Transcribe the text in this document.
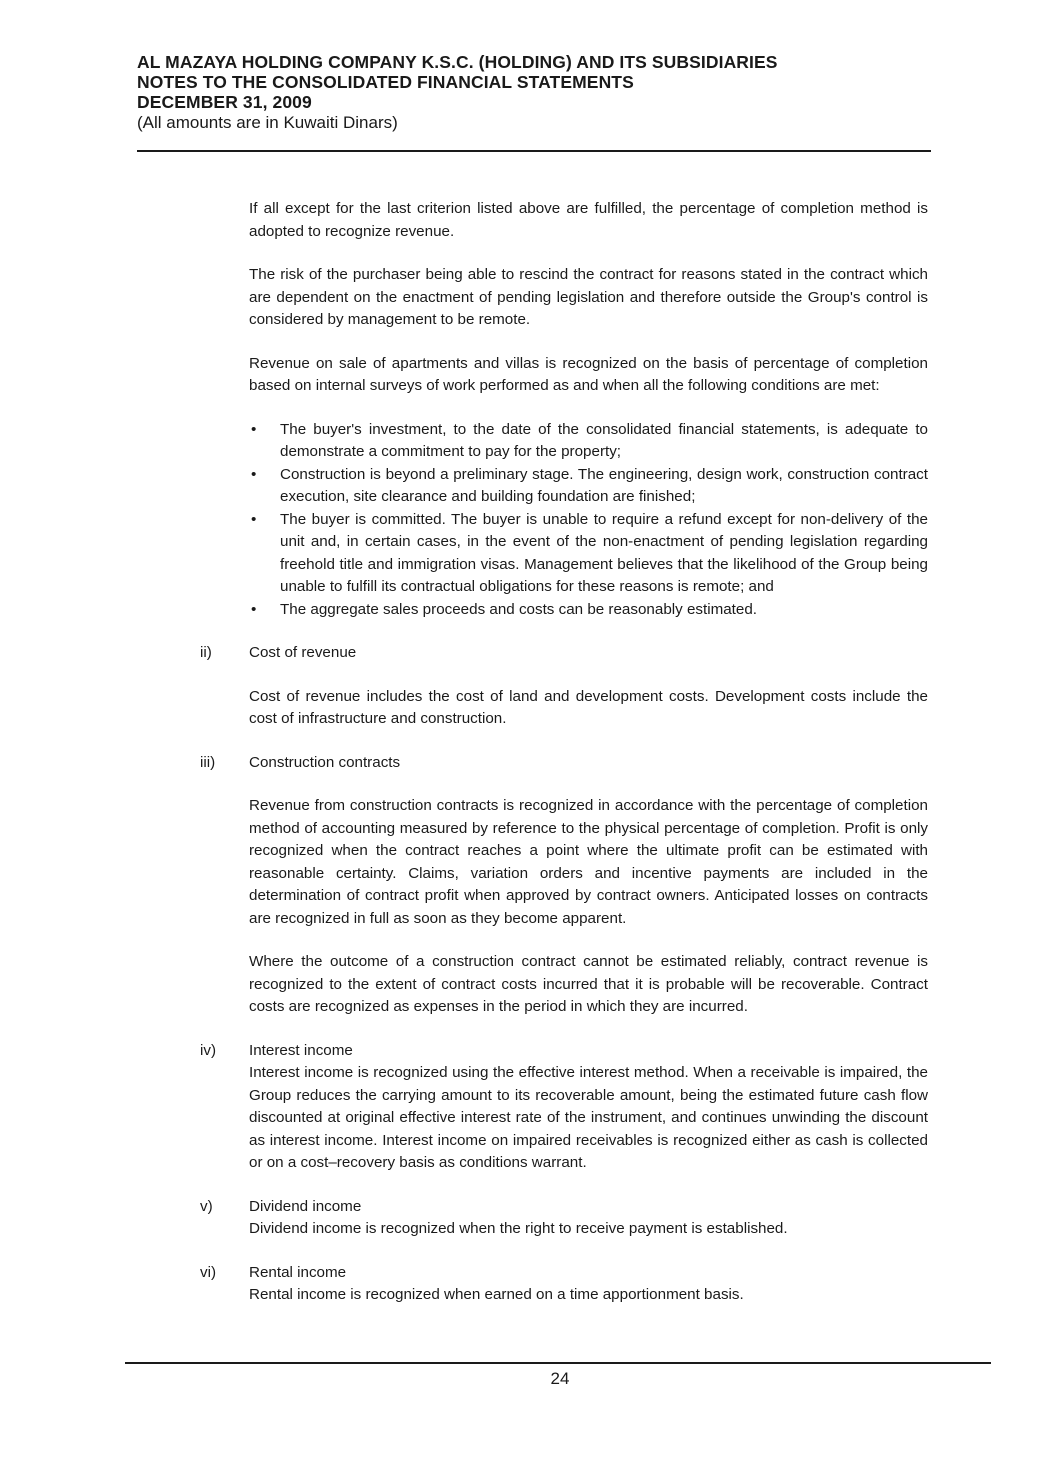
AL MAZAYA HOLDING COMPANY K.S.C. (HOLDING) AND ITS SUBSIDIARIES
NOTES TO THE CONSOLIDATED FINANCIAL STATEMENTS
DECEMBER 31, 2009
(All amounts are in Kuwaiti Dinars)

If all except for the last criterion listed above are fulfilled, the percentage of completion method is adopted to recognize revenue.

The risk of the purchaser being able to rescind the contract for reasons stated in the contract which are dependent on the enactment of pending legislation and therefore outside the Group's control is considered by management to be remote.

Revenue on sale of apartments and villas is recognized on the basis of percentage of completion based on internal surveys of work performed as and when all the following conditions are met:

• The buyer's investment, to the date of the consolidated financial statements, is adequate to demonstrate a commitment to pay for the property;
• Construction is beyond a preliminary stage. The engineering, design work, construction contract execution, site clearance and building foundation are finished;
• The buyer is committed. The buyer is unable to require a refund except for non-delivery of the unit and, in certain cases, in the event of the non-enactment of pending legislation regarding freehold title and immigration visas. Management believes that the likelihood of the Group being unable to fulfill its contractual obligations for these reasons is remote; and
• The aggregate sales proceeds and costs can be reasonably estimated.
ii)	Cost of revenue

Cost of revenue includes the cost of land and development costs. Development costs include the cost of infrastructure and construction.

iii)	Construction contracts

Revenue from construction contracts is recognized in accordance with the percentage of completion method of accounting measured by reference to the physical percentage of completion. Profit is only recognized when the contract reaches a point where the ultimate profit can be estimated with reasonable certainty. Claims, variation orders and incentive payments are included in the determination of contract profit when approved by contract owners. Anticipated losses on contracts are recognized in full as soon as they become apparent.

Where the outcome of a construction contract cannot be estimated reliably, contract revenue is recognized to the extent of contract costs incurred that it is probable will be recoverable. Contract costs are recognized as expenses in the period in which they are incurred.

iv)	Interest income

Interest income is recognized using the effective interest method. When a receivable is impaired, the Group reduces the carrying amount to its recoverable amount, being the estimated future cash flow discounted at original effective interest rate of the instrument, and continues unwinding the discount as interest income. Interest income on impaired receivables is recognized either as cash is collected or on a cost–recovery basis as conditions warrant.

v)	Dividend income

Dividend income is recognized when the right to receive payment is established.

vi)	Rental income

Rental income is recognized when earned on a time apportionment basis.

24
